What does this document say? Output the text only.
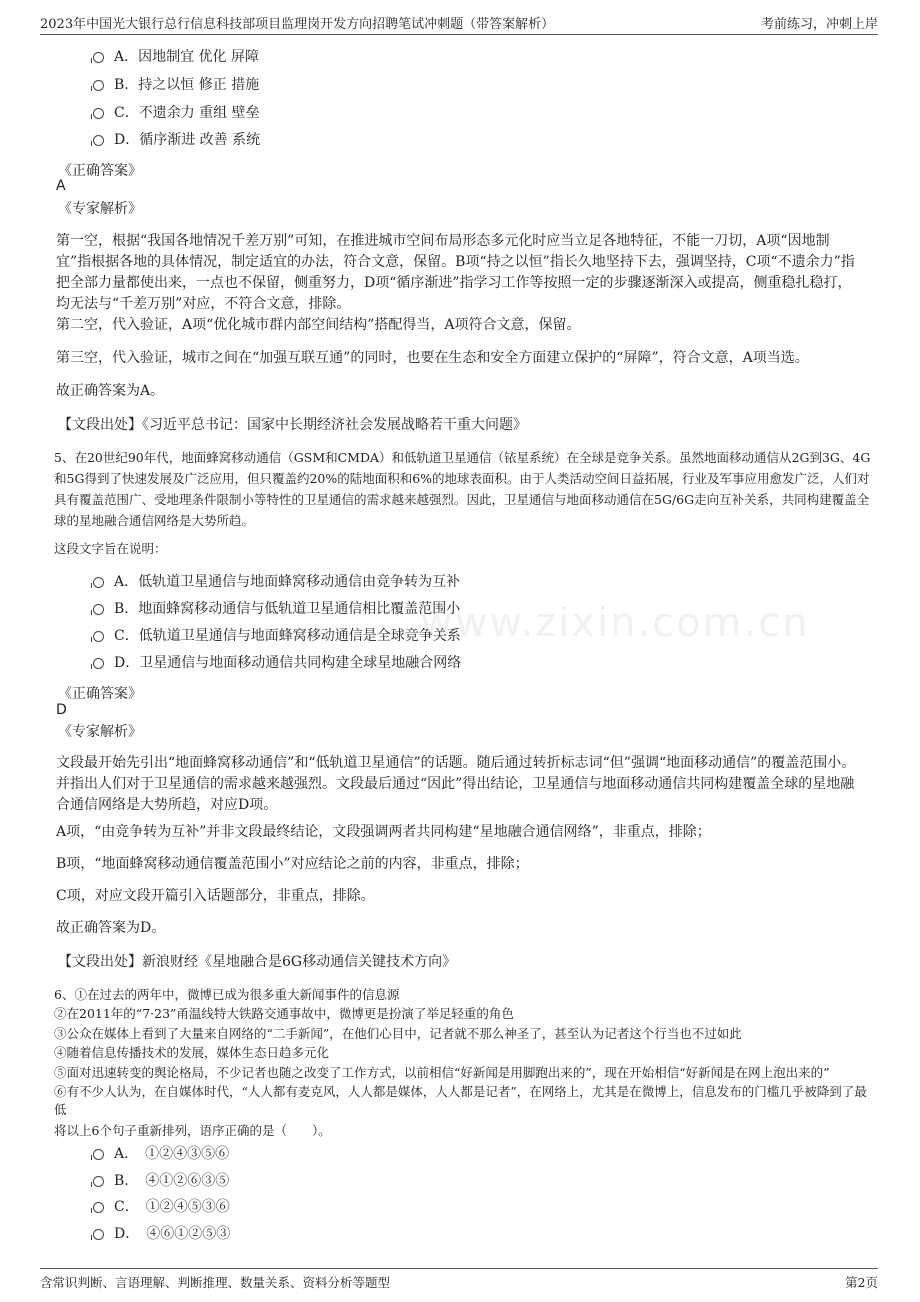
2023年中国光大银行总行信息科技部项目监理岗开发方向招聘笔试冲刺题（带答案解析）	考前练习，冲刺上岸
www.zixin.com.cn
A．因地制宜 优化 屏障
B．持之以恒 修正 措施
C．不遗余力 重组 壁垒
D．循序渐进 改善 系统
《正确答案》
A
《专家解析》
第一空，根据“我国各地情况千差万别”可知，在推进城市空间布局形态多元化时应当立足各地特征，不能一刀切，A项“因地制宜”指根据各地的具体情况，制定适宜的办法，符合文意，保留。B项“持之以恒”指长久地坚持下去，强调坚持，C项“不遗余力”指把全部力量都使出来，一点也不保留，侧重努力，D项“循序渐进”指学习工作等按照一定的步骤逐渐深入或提高，侧重稳扎稳打，均无法与“千差万别”对应，不符合文意，排除。
第二空，代入验证，A项“优化城市群内部空间结构”搭配得当，A项符合文意，保留。
第三空，代入验证，城市之间在“加强互联互通”的同时，也要在生态和安全方面建立保护的“屏障”，符合文意，A项当选。
故正确答案为A。
【文段出处】《习近平总书记：国家中长期经济社会发展战略若干重大问题》
5、在20世纪90年代，地面蜂窝移动通信（GSM和CMDA）和低轨道卫星通信（铱星系统）在全球是竞争关系。虽然地面移动通信从2G到3G、4G和5G得到了快速发展及广泛应用，但只覆盖约20%的陆地面积和6%的地球表面积。由于人类活动空间日益拓展，行业及军事应用愈发广泛，人们对具有覆盖范围广、受地理条件限制小等特性的卫星通信的需求越来越强烈。因此，卫星通信与地面移动通信在5G/6G走向互补关系，共同构建覆盖全球的星地融合通信网络是大势所趋。
这段文字旨在说明：
A．低轨道卫星通信与地面蜂窝移动通信由竞争转为互补
B．地面蜂窝移动通信与低轨道卫星通信相比覆盖范围小
C．低轨道卫星通信与地面蜂窝移动通信是全球竞争关系
D．卫星通信与地面移动通信共同构建全球星地融合网络
《正确答案》
D
《专家解析》
文段最开始先引出“地面蜂窝移动通信”和“低轨道卫星通信”的话题。随后通过转折标志词“但”强调“地面移动通信”的覆盖范围小。并指出人们对于卫星通信的需求越来越强烈。文段最后通过“因此”得出结论，卫星通信与地面移动通信共同构建覆盖全球的星地融合通信网络是大势所趋，对应D项。
A项，“由竞争转为互补”并非文段最终结论，文段强调两者共同构建“星地融合通信网络”，非重点，排除；
B项，“地面蜂窝移动通信覆盖范围小”对应结论之前的内容，非重点，排除；
C项，对应文段开篇引入话题部分，非重点，排除。
故正确答案为D。
【文段出处】新浪财经《星地融合是6G移动通信关键技术方向》
6、①在过去的两年中，微博已成为很多重大新闻事件的信息源
②在2011年的“7·23”甬温线特大铁路交通事故中，微博更是扮演了举足轻重的角色
③公众在媒体上看到了大量来自网络的“二手新闻”，在他们心目中，记者就不那么神圣了，甚至认为记者这个行当也不过如此
④随着信息传播技术的发展，媒体生态日趋多元化
⑤面对迅速转变的舆论格局，不少记者也随之改变了工作方式，以前相信“好新闻是用脚跑出来的”，现在开始相信“好新闻是在网上泡出来的”
⑥有不少人认为，在自媒体时代，“人人都有麦克风，人人都是媒体，人人都是记者”，在网络上，尤其是在微博上，信息发布的门槛几乎被降到了最低
将以上6个句子重新排列，语序正确的是（　　）。
A．　①②④③⑤⑥
B．　④①②⑥③⑤
C．　①②④⑤③⑥
D．　④⑥①②⑤③
含常识判断、言语理解、判断推理、数量关系、资料分析等题型	第2页
